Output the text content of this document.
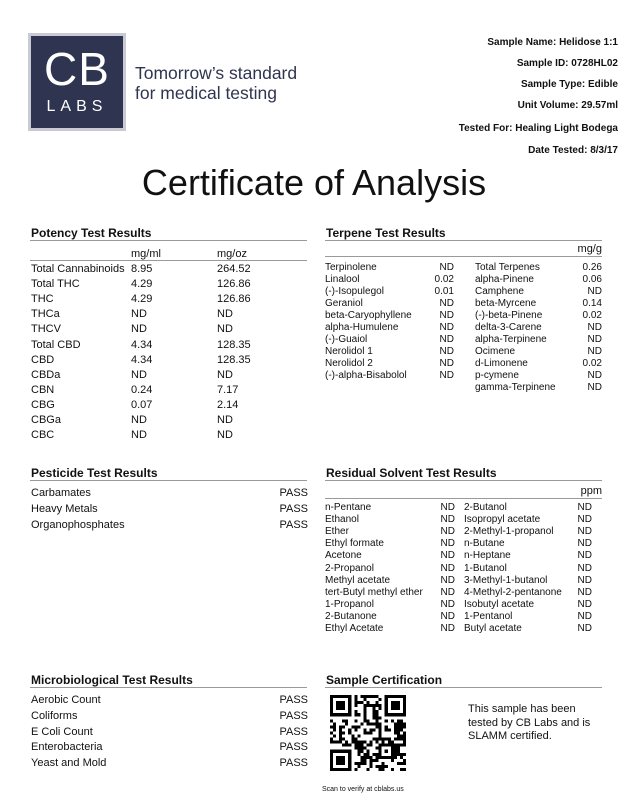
CB
LABS
Tomorrow’s standard
for medical testing
Sample Name: Helidose 1:1
Sample ID: 0728HL02
Sample Type: Edible
Unit Volume: 29.57ml
Tested For: Healing Light Bodega
Date Tested: 8/3/17
Certificate of Analysis
Potency Test Results
mg/ml	mg/oz
Total Cannabinoids 8.95	264.52
Total THC	4.29	126.86
THC	4.29	126.86
THCa	ND	ND
THCV	ND	ND
Total CBD	4.34	128.35
CBD	4.34	128.35
CBDa	ND	ND
CBN	0.24	7.17
CBG	0.07	2.14
CBGa	ND	ND
CBC	ND	ND
Terpene Test Results
mg/g
Terpinolene	ND
Linalool	0.02
(-)-Isopulegol	0.01
Geraniol	ND
beta-Caryophyllene	ND
alpha-Humulene	ND
(-)-Guaiol	ND
Nerolidol 1	ND
Nerolidol 2	ND
(-)-alpha-Bisabolol	ND
Total Terpenes	0.26
alpha-Pinene	0.06
Camphene	ND
beta-Myrcene	0.14
(-)-beta-Pinene	0.02
delta-3-Carene	ND
alpha-Terpinene	ND
Ocimene	ND
d-Limonene	0.02
p-cymene	ND
gamma-Terpinene	ND
Pesticide Test Results
Carbamates	PASS
Heavy Metals	PASS
Organophosphates	PASS
Residual Solvent Test Results
ppm
n-Pentane	ND
Ethanol	ND
Ether	ND
Ethyl formate	ND
Acetone	ND
2-Propanol	ND
Methyl acetate	ND
tert-Butyl methyl ether	ND
1-Propanol	ND
2-Butanone	ND
Ethyl Acetate	ND
2-Butanol	ND
Isopropyl acetate	ND
2-Methyl-1-propanol	ND
n-Butane	ND
n-Heptane	ND
1-Butanol	ND
3-Methyl-1-butanol	ND
4-Methyl-2-pentanone	ND
Isobutyl acetate	ND
1-Pentanol	ND
Butyl acetate	ND
Microbiological Test Results
Aerobic Count	PASS
Coliforms	PASS
E Coli Count	PASS
Enterobacteria	PASS
Yeast and Mold	PASS
Sample Certification
This sample has been tested by CB Labs and is SLAMM certified.
Scan to verify at cblabs.us
